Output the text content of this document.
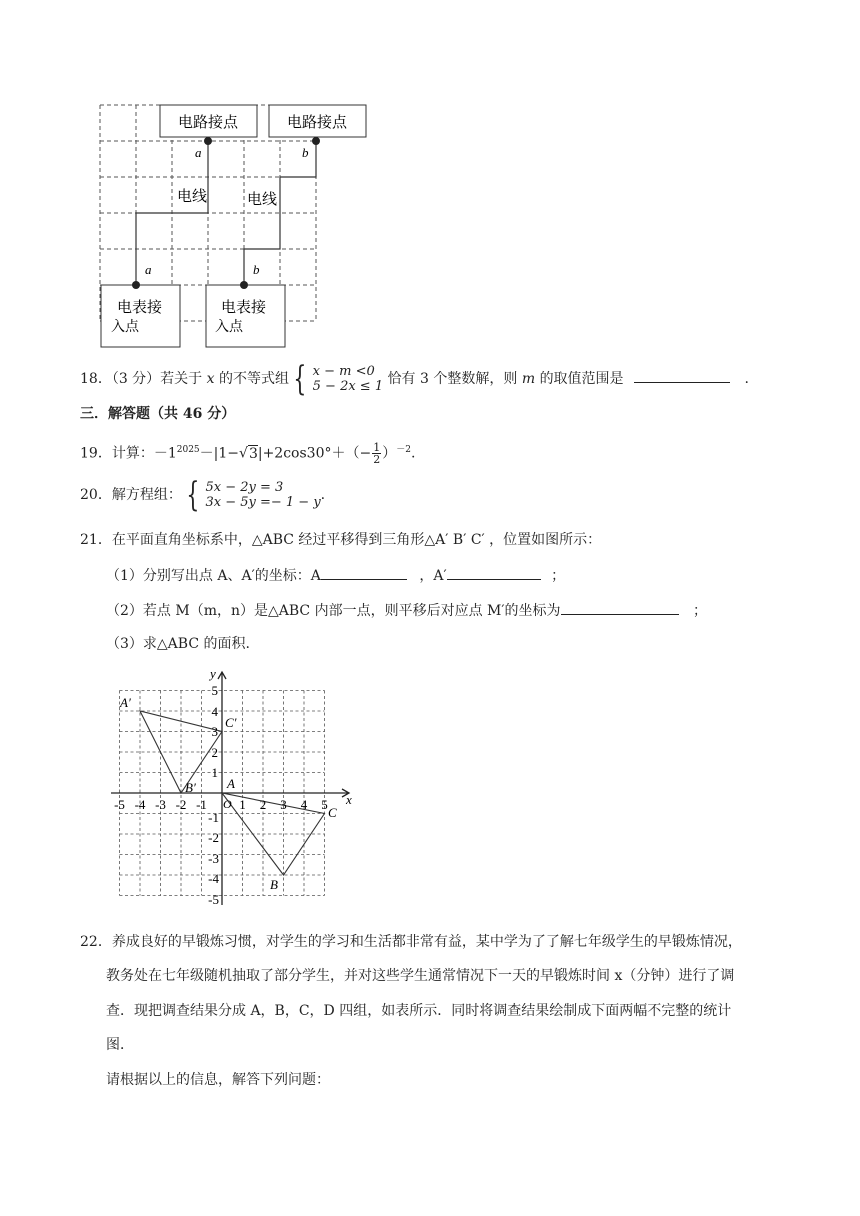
电路接点	电路接点
a	b
电线	电线
a	b
电表接
入点
电表接
入点
18．（3 分）若关于 x 的不等式组 { x − m <0
5 − 2x ≤ 1 恰有 3 个整数解，则 m 的取值范围是	.
三．解答题（共 46 分）
19．计算：$-1^{2025}-|1-√3|+2\cos 30^\circ+(- \frac{1}{2} )^{-2}$.
20．解方程组： { 5x − 2y = 3
3x − 5y =− 1 − y .
21．在平面直角坐标系中，△ABC 经过平移得到三角形△A′ B′ C′ ，位置如图所示：
（1）分别写出点 A、A′的坐标：A	，A′	；
（2）若点 M（m，n）是△ABC 内部一点，则平移后对应点 M′的坐标为	；
（3）求△ABC 的面积.
x
y
O
-5 -4 -3 -2 -1 1 2 3 4 5
5
4
3
2
1
-1
-2
-3
-4
-5
A
B
C
A′
B′
C′
22．养成良好的早锻炼习惯，对学生的学习和生活都非常有益，某中学为了了解七年级学生的早锻炼情况，
教务处在七年级随机抽取了部分学生，并对这些学生通常情况下一天的早锻炼时间 x（分钟）进行了调
查．现把调查结果分成 A，B，C，D 四组，如表所示．同时将调查结果绘制成下面两幅不完整的统计
图．
请根据以上的信息，解答下列问题：
